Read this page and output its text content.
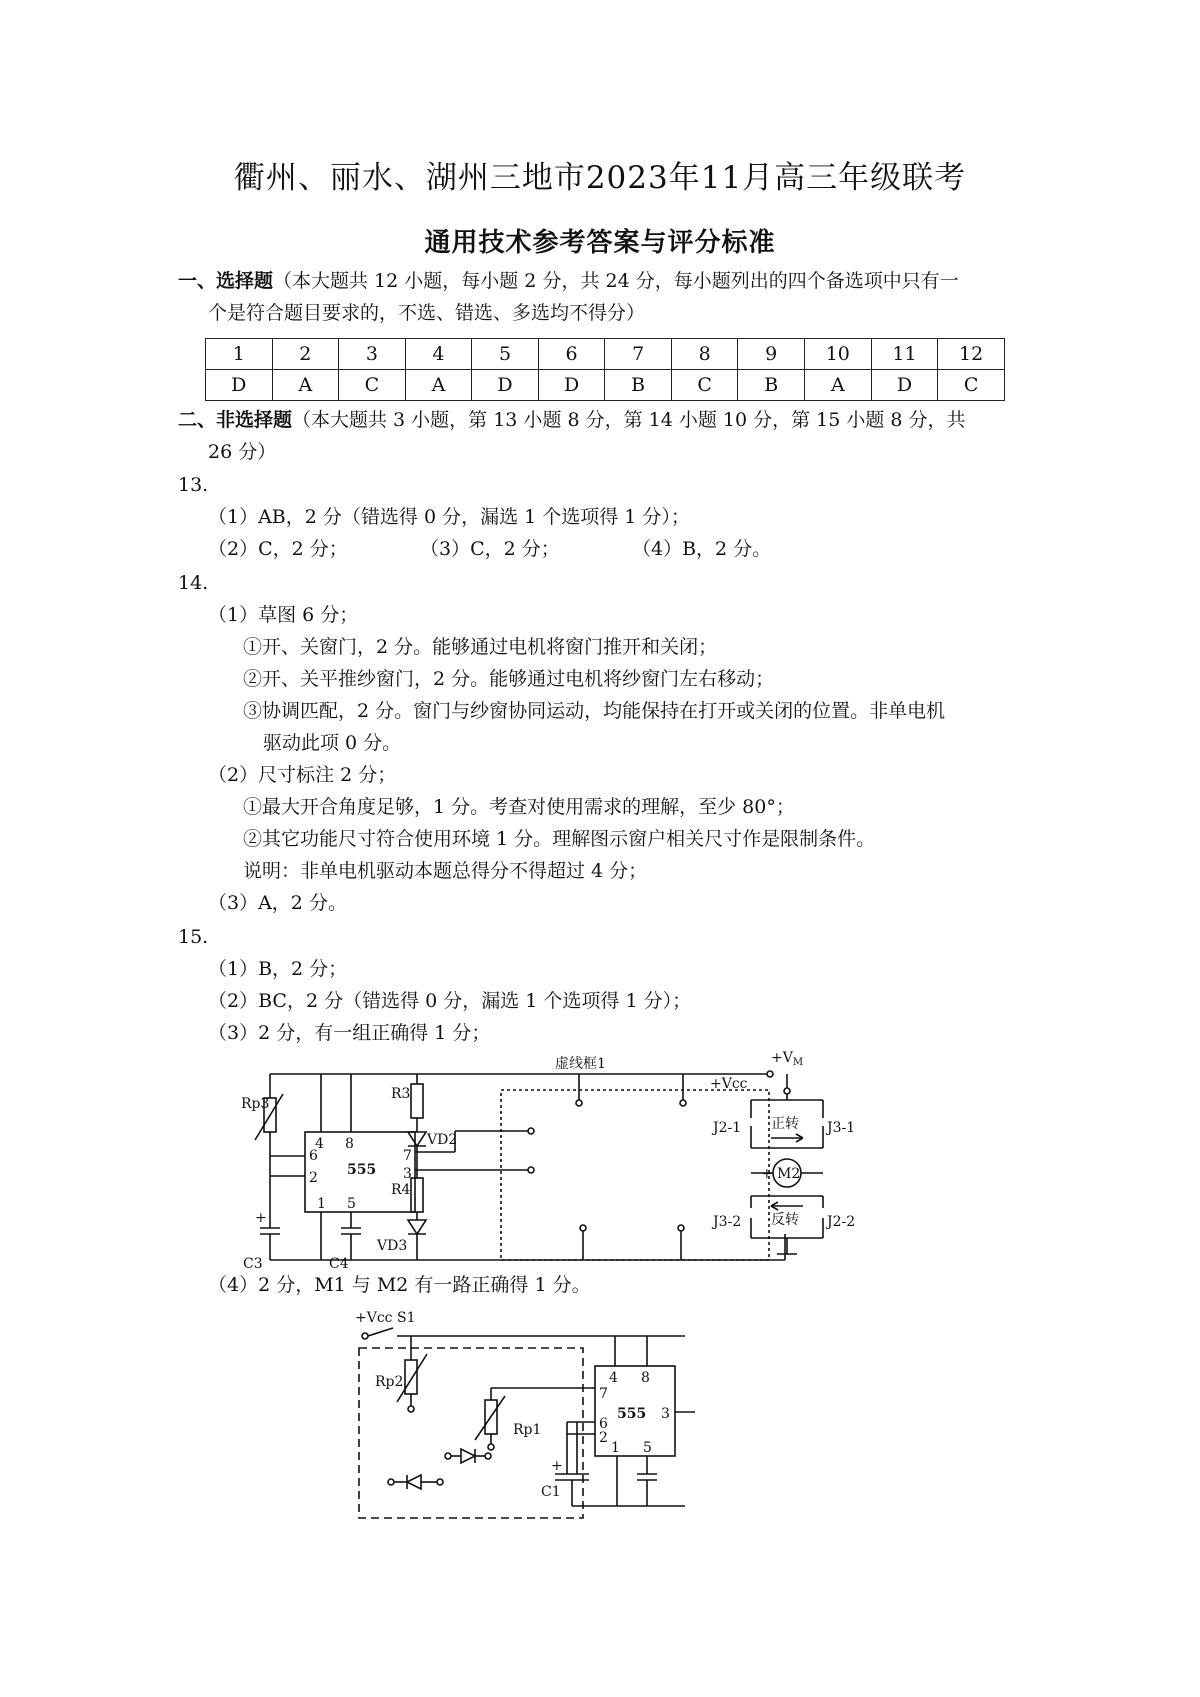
衢州、丽水、湖州三地市2023年11月高三年级联考
通用技术参考答案与评分标准
一、选择题（本大题共 12 小题，每小题 2 分，共 24 分，每小题列出的四个备选项中只有一
个是符合题目要求的，不选、错选、多选均不得分）
1	2	3	4	5	6	7	8	9	10	11	12
D	A	C	A	D	D	B	C	B	A	D	C
二、非选择题（本大题共 3 小题，第 13 小题 8 分，第 14 小题 10 分，第 15 小题 8 分，共
26 分）
13.
（1）AB，2 分（错选得 0 分，漏选 1 个选项得 1 分）；
（2）C，2 分；	（3）C，2 分；	（4）B，2 分。
14.
（1）草图 6 分；
①开、关窗门，2 分。能够通过电机将窗门推开和关闭；
②开、关平推纱窗门，2 分。能够通过电机将纱窗门左右移动；
③协调匹配，2 分。窗门与纱窗协同运动，均能保持在打开或关闭的位置。非单电机
驱动此项 0 分。
（2）尺寸标注 2 分；
①最大开合角度足够，1 分。考查对使用需求的理解，至少 80°；
②其它功能尺寸符合使用环境 1 分。理解图示窗户相关尺寸作是限制条件。
说明：非单电机驱动本题总得分不得超过 4 分；
（3）A，2 分。
15.
（1）B，2 分；
（2）BC，2 分（错选得 0 分，漏选 1 个选项得 1 分）；
（3）2 分，有一组正确得 1 分；
虚线框1
+Vcc
$+V_M$
Rp3
R3
R4
VD2
VD3
C3	C4
+
555
4 8
7
6
3
2
1 5
M2
+
J2-1	J3-1
J3-2	J2-2
正转
反转
（4）2 分，M1 与 M2 有一路正确得 1 分。
+Vcc S1
Rp2
Rp1
C1
+
555
4 8
7
6
3
2
1 5
